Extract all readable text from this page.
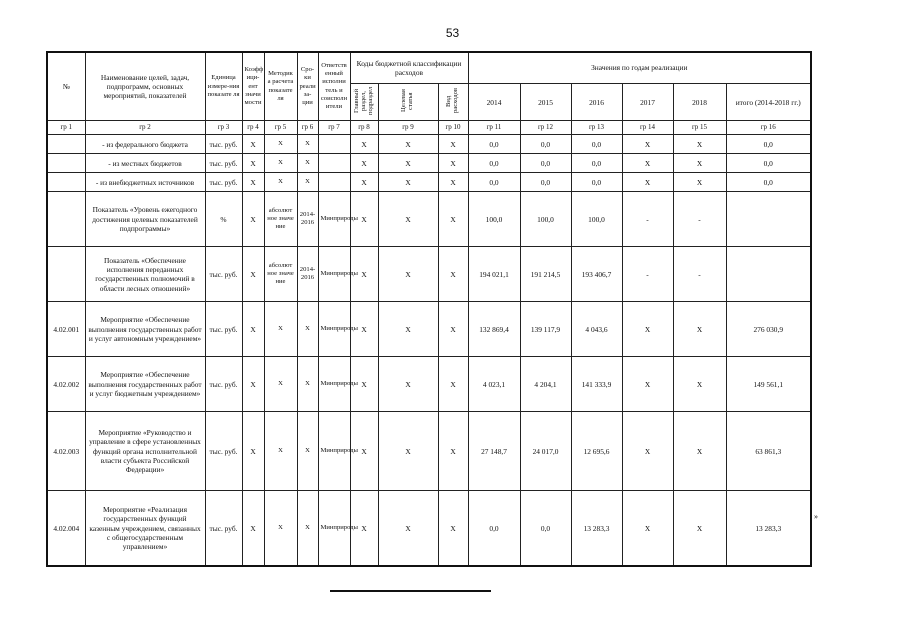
53
№	Наименование целей, задач, подпрограмм, основных мероприятий, показателей	Единица измере-ния показате ля	Коэфф ици-ент значи мости	Методик а расчета показате ля	Сро-ки реали за-ции	Ответств енный исполни тель и соисполн ители	Коды бюджетной классификации расходов			Значения по годам реализации					
							Главный раздел, подраздел	Целевая статья	Вид расходов	2014	2015	2016	2017	2018	итого (2014-2018 гг.)
гр 1	гр 2	гр 3	гр 4	гр 5	гр 6	гр 7	гр 8	гр 9	гр 10	гр 11	гр 12	гр 13	гр 14	гр 15	гр 16
	- из федерального бюджета	тыс. руб.	X	X	X		X	X	X	0,0	0,0	0,0	X	X	0,0
	- из местных бюджетов	тыс. руб.	X	X	X		X	X	X	0,0	0,0	0,0	X	X	0,0
	- из внебюджетных источников	тыс. руб.	X	X	X		X	X	X	0,0	0,0	0,0	X	X	0,0
	Показатель «Уровень ежегодного достижения целевых показателей подпрограммы»	%	X	абсолют ное значе ние	2014-2016	Минприроды	X	X	X	100,0	100,0	100,0	-	-	
	Показатель «Обеспечение исполнения переданных государственных полномочий в области лесных отношений»	тыс. руб.	X	абсолют ное значе ние	2014-2016	Минприроды	X	X	X	194 021,1	191 214,5	193 406,7	-	-	
4.02.001	Мероприятие «Обеспечение выполнения государственных работ и услуг автономным учреждением»	тыс. руб.	X	X	X	Минприроды	X	X	X	132 869,4	139 117,9	4 043,6	X	X	276 030,9
4.02.002	Мероприятие «Обеспечение выполнения государственных работ и услуг бюджетным учреждением»	тыс. руб.	X	X	X	Минприроды	X	X	X	4 023,1	4 204,1	141 333,9	X	X	149 561,1
4.02.003	Мероприятие «Руководство и управление в сфере установленных функций органа исполнительной власти субъекта Российской Федерации»	тыс. руб.	X	X	X	Минприроды	X	X	X	27 148,7	24 017,0	12 695,6	X	X	63 861,3
4.02.004	Мероприятие «Реализация государственных функций казенным учреждением, связанных с общегосударственным управлением»	тыс. руб.	X	X	X	Минприроды	X	X	X	0,0	0,0	13 283,3	X	X	13 283,3
»
